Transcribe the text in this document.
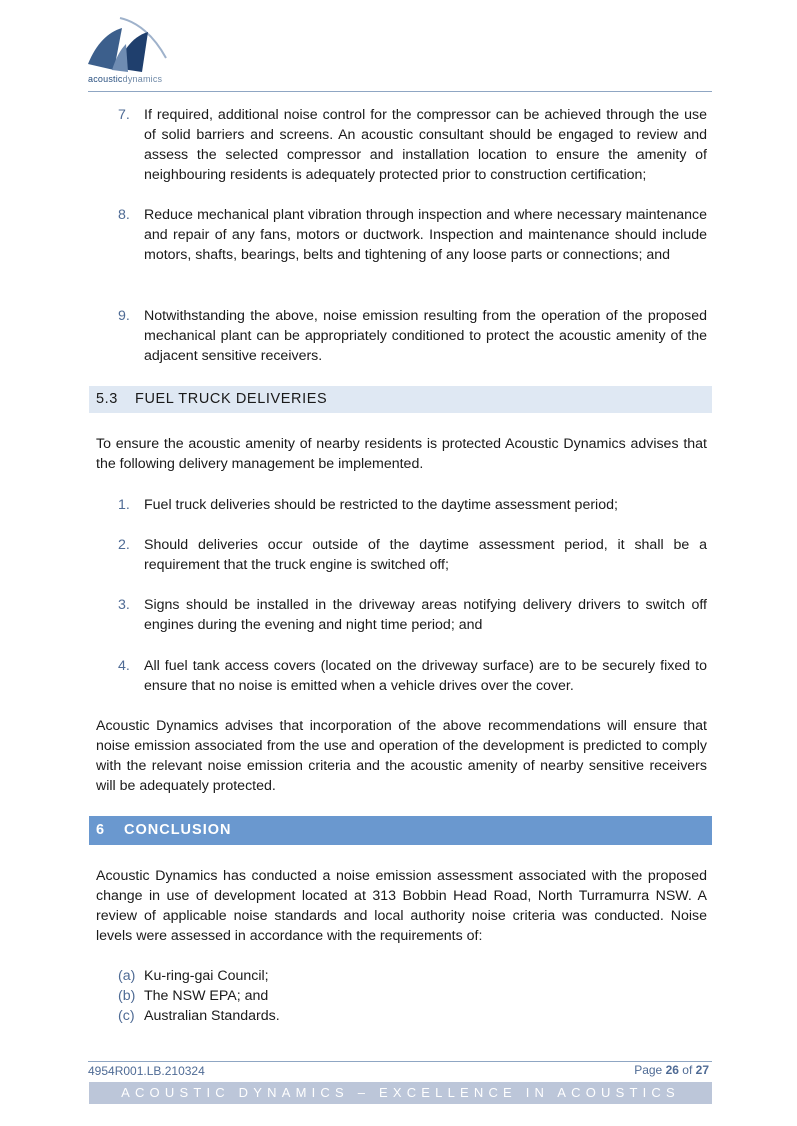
acousticdynamics
7. If required, additional noise control for the compressor can be achieved through the use of solid barriers and screens. An acoustic consultant should be engaged to review and assess the selected compressor and installation location to ensure the amenity of neighbouring residents is adequately protected prior to construction certification;
8. Reduce mechanical plant vibration through inspection and where necessary maintenance and repair of any fans, motors or ductwork. Inspection and maintenance should include motors, shafts, bearings, belts and tightening of any loose parts or connections; and
9. Notwithstanding the above, noise emission resulting from the operation of the proposed mechanical plant can be appropriately conditioned to protect the acoustic amenity of the adjacent sensitive receivers.
5.3 FUEL TRUCK DELIVERIES
To ensure the acoustic amenity of nearby residents is protected Acoustic Dynamics advises that the following delivery management be implemented.
1. Fuel truck deliveries should be restricted to the daytime assessment period;
2. Should deliveries occur outside of the daytime assessment period, it shall be a requirement that the truck engine is switched off;
3. Signs should be installed in the driveway areas notifying delivery drivers to switch off engines during the evening and night time period; and
4. All fuel tank access covers (located on the driveway surface) are to be securely fixed to ensure that no noise is emitted when a vehicle drives over the cover.
Acoustic Dynamics advises that incorporation of the above recommendations will ensure that noise emission associated from the use and operation of the development is predicted to comply with the relevant noise emission criteria and the acoustic amenity of nearby sensitive receivers will be adequately protected.
6 CONCLUSION
Acoustic Dynamics has conducted a noise emission assessment associated with the proposed change in use of development located at 313 Bobbin Head Road, North Turramurra NSW. A review of applicable noise standards and local authority noise criteria was conducted. Noise levels were assessed in accordance with the requirements of:
(a) Ku-ring-gai Council;
(b) The NSW EPA; and
(c) Australian Standards.
4954R001.LB.210324	Page 26 of 27
ACOUSTIC DYNAMICS – EXCELLENCE IN ACOUSTICS
